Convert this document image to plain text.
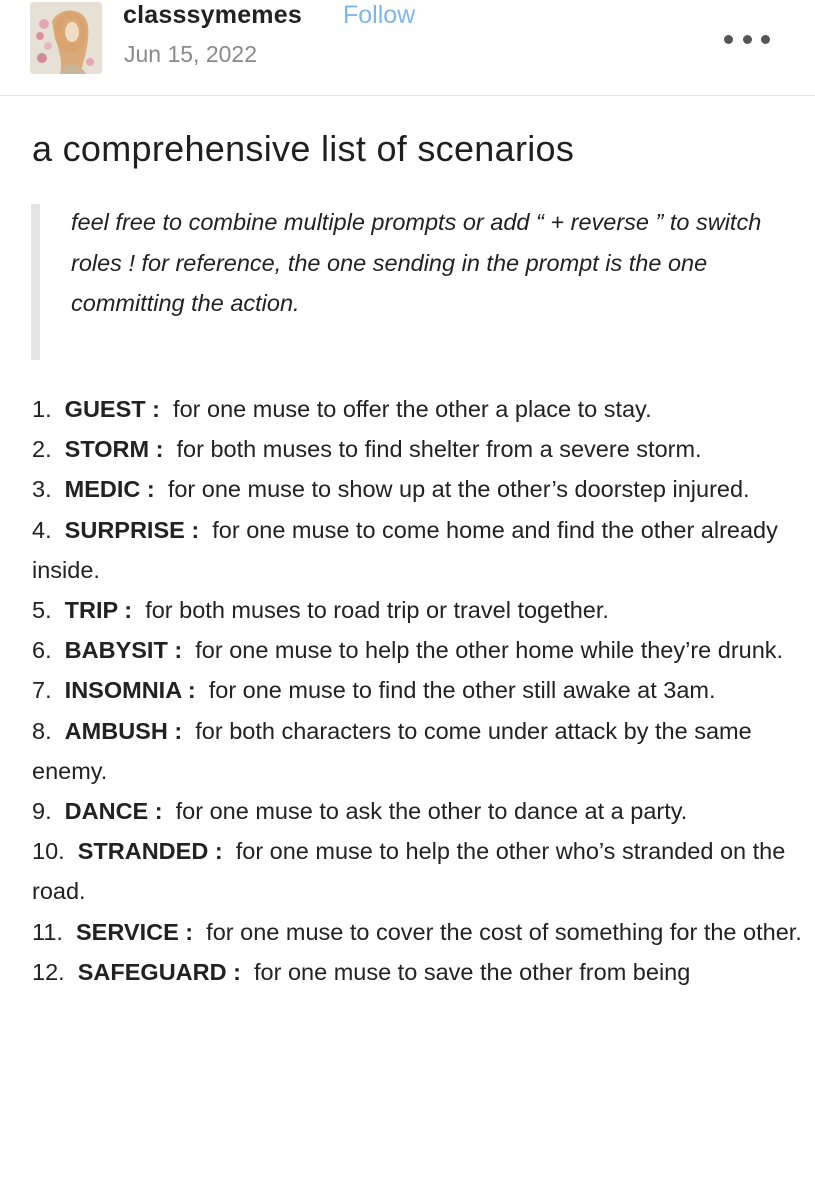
classsymemes Follow
Jun 15, 2022
a comprehensive list of scenarios
feel free to combine multiple prompts or add “ + reverse ” to switch roles ! for reference, the one sending in the prompt is the one committing the action.
1. GUEST : for one muse to offer the other a place to stay.
2. STORM : for both muses to find shelter from a severe storm.
3. MEDIC : for one muse to show up at the other’s doorstep injured.
4. SURPRISE : for one muse to come home and find the other already inside.
5. TRIP : for both muses to road trip or travel together.
6. BABYSIT : for one muse to help the other home while they’re drunk.
7. INSOMNIA : for one muse to find the other still awake at 3am.
8. AMBUSH : for both characters to come under attack by the same enemy.
9. DANCE : for one muse to ask the other to dance at a party.
10. STRANDED : for one muse to help the other who’s stranded on the road.
11. SERVICE : for one muse to cover the cost of something for the other.
12. SAFEGUARD : for one muse to save the other from being
